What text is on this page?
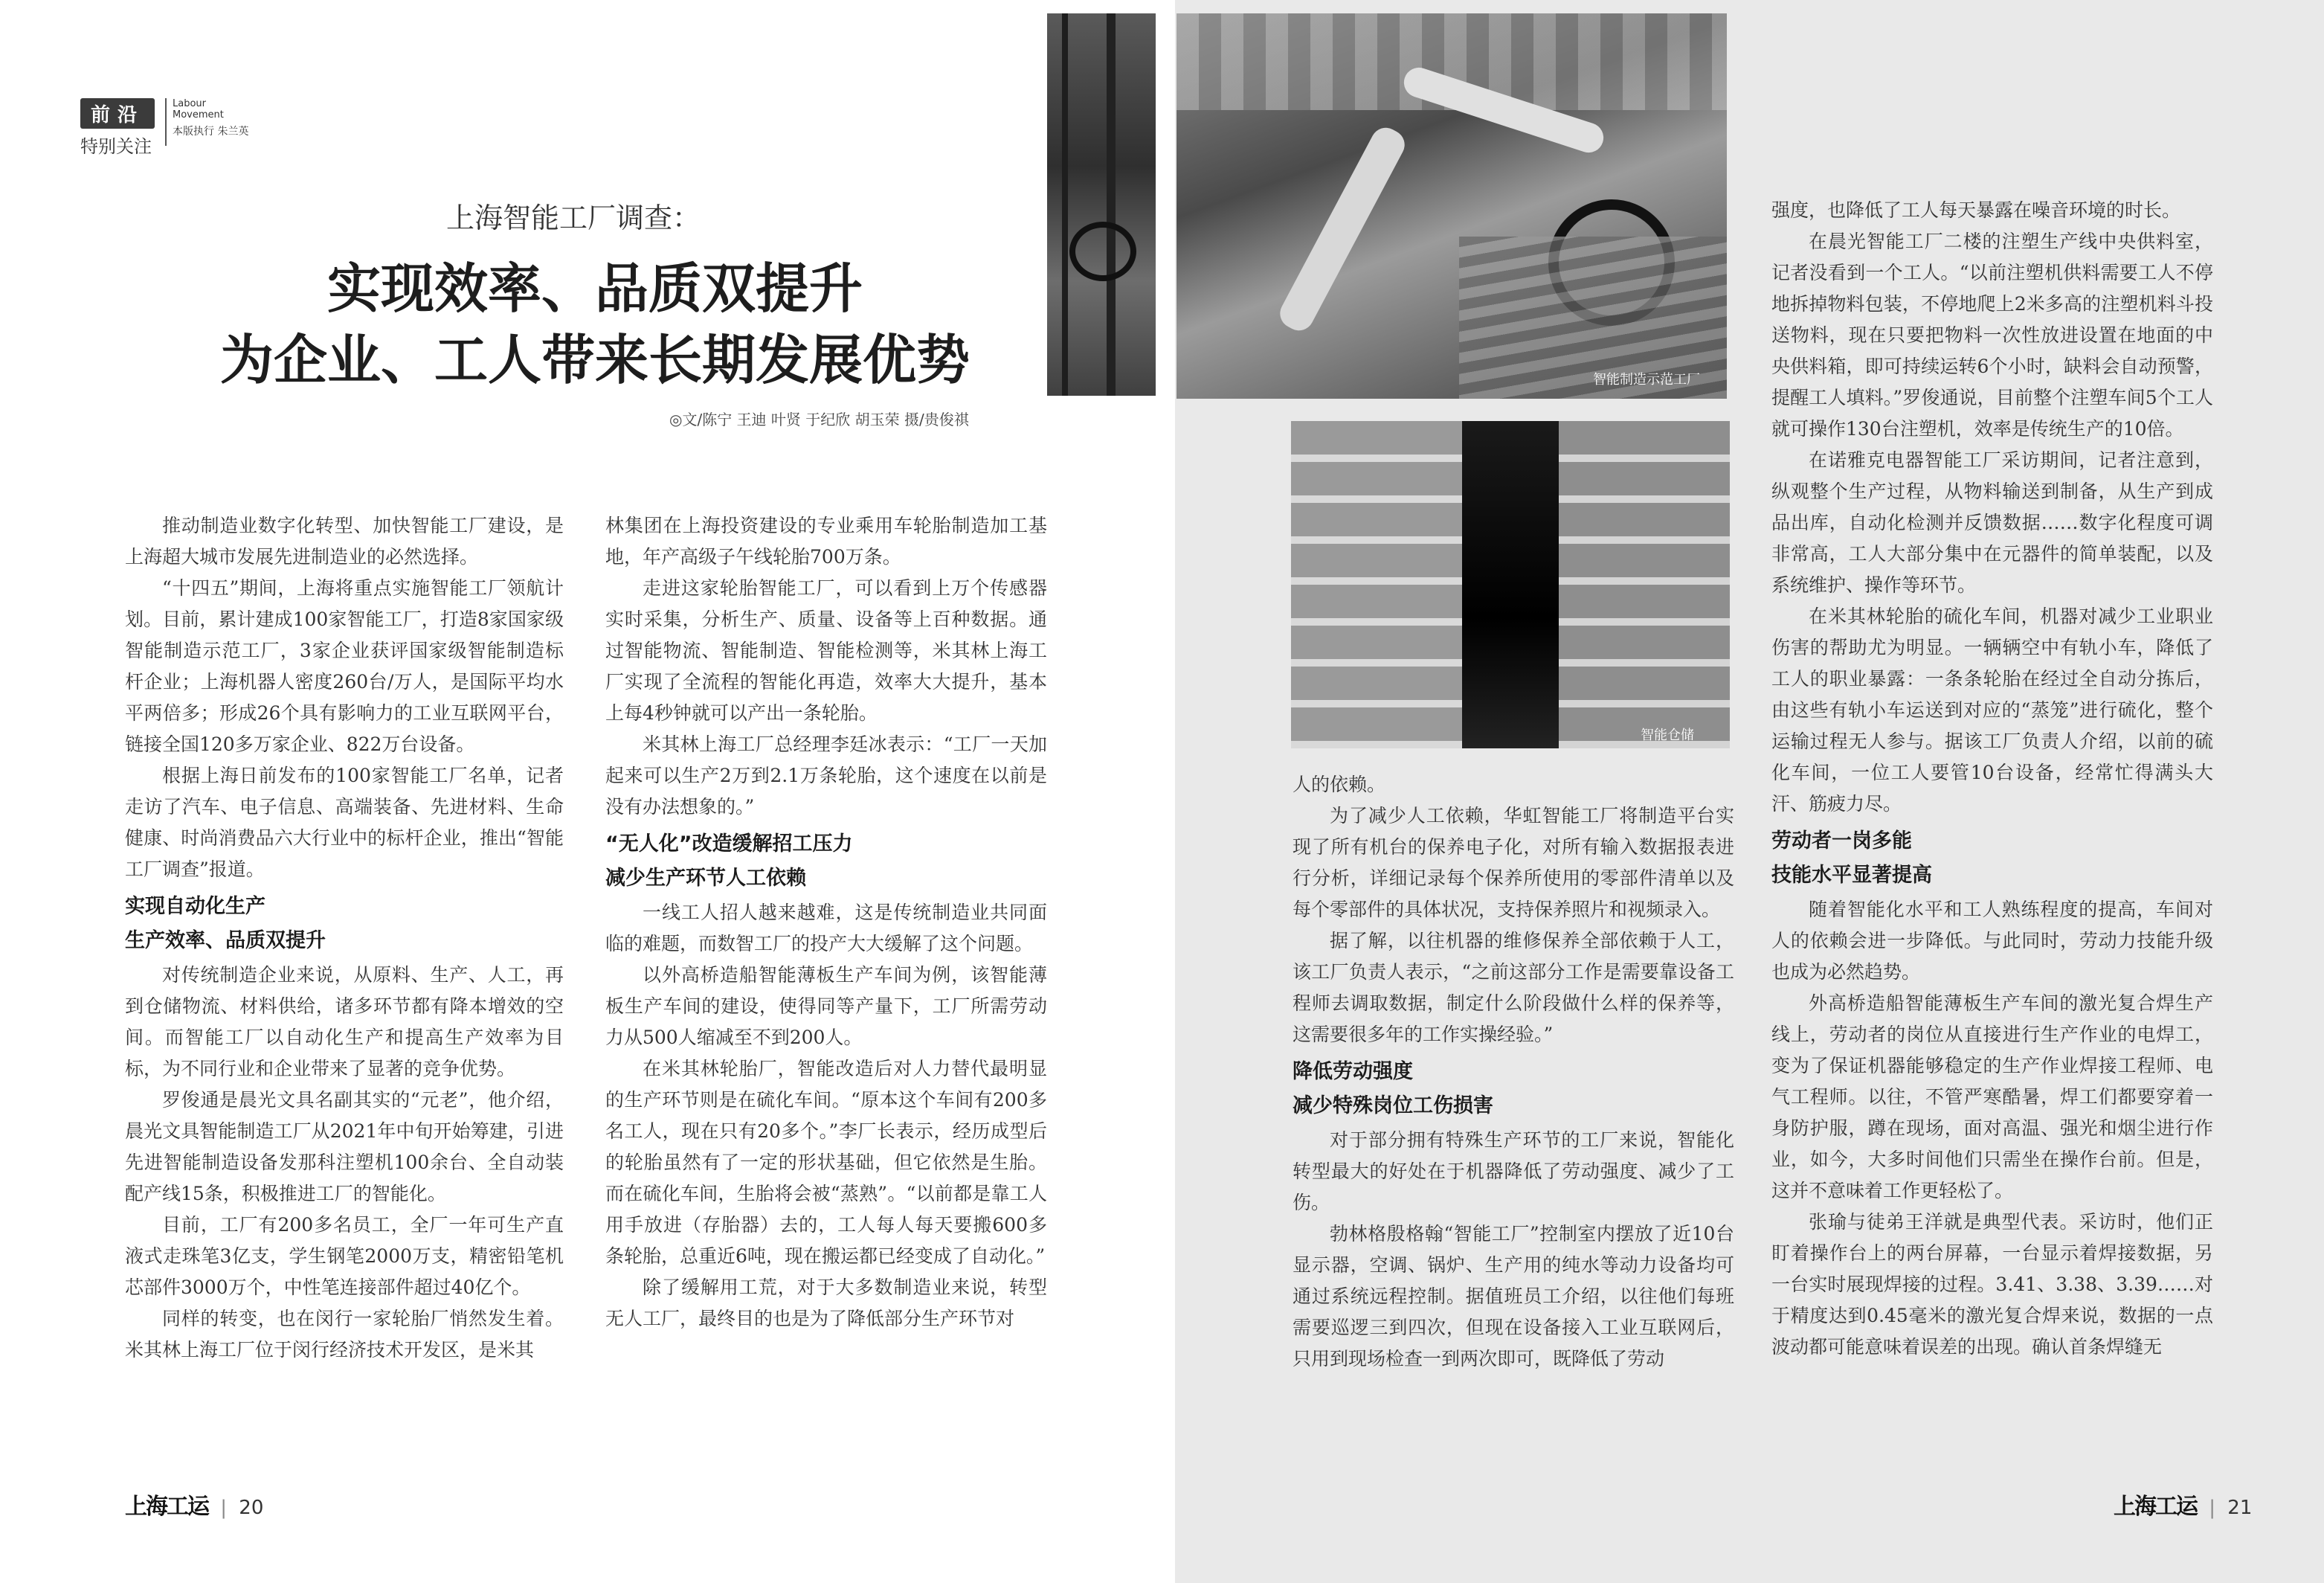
前沿
特别关注
Labour
Movement
本版执行 朱兰英
上海智能工厂调查：
实现效率、品质双提升
为企业、工人带来长期发展优势
◎文/陈宁 王迪 叶贤 于纪欣 胡玉荣 摄/贵俊祺

推动制造业数字化转型、加快智能工厂建设，是上海超大城市发展先进制造业的必然选择。

“十四五”期间，上海将重点实施智能工厂领航计划。目前，累计建成100家智能工厂，打造8家国家级智能制造示范工厂，3家企业获评国家级智能制造标杆企业；上海机器人密度260台/万人，是国际平均水平两倍多；形成26个具有影响力的工业互联网平台，链接全国120多万家企业、822万台设备。

根据上海日前发布的100家智能工厂名单，记者走访了汽车、电子信息、高端装备、先进材料、生命健康、时尚消费品六大行业中的标杆企业，推出“智能工厂调查”报道。

实现自动化生产
生产效率、品质双提升

对传统制造企业来说，从原料、生产、人工，再到仓储物流、材料供给，诸多环节都有降本增效的空间。而智能工厂以自动化生产和提高生产效率为目标，为不同行业和企业带来了显著的竞争优势。

罗俊通是晨光文具名副其实的“元老”，他介绍，晨光文具智能制造工厂从2021年中旬开始筹建，引进先进智能制造设备发那科注塑机100余台、全自动装配产线15条，积极推进工厂的智能化。

目前，工厂有200多名员工，全厂一年可生产直液式走珠笔3亿支，学生钢笔2000万支，精密铅笔机芯部件3000万个，中性笔连接部件超过40亿个。

同样的转变，也在闵行一家轮胎厂悄然发生着。米其林上海工厂位于闵行经济技术开发区，是米其

林集团在上海投资建设的专业乘用车轮胎制造加工基地，年产高级子午线轮胎700万条。

走进这家轮胎智能工厂，可以看到上万个传感器实时采集，分析生产、质量、设备等上百种数据。通过智能物流、智能制造、智能检测等，米其林上海工厂实现了全流程的智能化再造，效率大大提升，基本上每4秒钟就可以产出一条轮胎。

米其林上海工厂总经理李廷冰表示：“工厂一天加起来可以生产2万到2.1万条轮胎，这个速度在以前是没有办法想象的。”

“无人化”改造缓解招工压力
减少生产环节人工依赖

一线工人招人越来越难，这是传统制造业共同面临的难题，而数智工厂的投产大大缓解了这个问题。

以外高桥造船智能薄板生产车间为例，该智能薄板生产车间的建设，使得同等产量下，工厂所需劳动力从500人缩减至不到200人。

在米其林轮胎厂，智能改造后对人力替代最明显的生产环节则是在硫化车间。“原本这个车间有200多名工人，现在只有20多个。”李厂长表示，经历成型后的轮胎虽然有了一定的形状基础，但它依然是生胎。而在硫化车间，生胎将会被“蒸熟”。“以前都是靠工人用手放进（存胎器）去的，工人每人每天要搬600多条轮胎，总重近6吨，现在搬运都已经变成了自动化。”

除了缓解用工荒，对于大多数制造业来说，转型无人工厂，最终目的也是为了降低部分生产环节对

上海工运 | 20
智能制造示范工厂
智能仓储

人的依赖。

为了减少人工依赖，华虹智能工厂将制造平台实现了所有机台的保养电子化，对所有输入数据报表进行分析，详细记录每个保养所使用的零部件清单以及每个零部件的具体状况，支持保养照片和视频录入。

据了解，以往机器的维修保养全部依赖于人工，该工厂负责人表示，“之前这部分工作是需要靠设备工程师去调取数据，制定什么阶段做什么样的保养等，这需要很多年的工作实操经验。”

降低劳动强度
减少特殊岗位工伤损害

对于部分拥有特殊生产环节的工厂来说，智能化转型最大的好处在于机器降低了劳动强度、减少了工伤。

勃林格殷格翰“智能工厂”控制室内摆放了近10台显示器，空调、锅炉、生产用的纯水等动力设备均可通过系统远程控制。据值班员工介绍，以往他们每班需要巡逻三到四次，但现在设备接入工业互联网后，只用到现场检查一到两次即可，既降低了劳动

强度，也降低了工人每天暴露在噪音环境的时长。

在晨光智能工厂二楼的注塑生产线中央供料室，记者没看到一个工人。“以前注塑机供料需要工人不停地拆掉物料包装，不停地爬上2米多高的注塑机料斗投送物料，现在只要把物料一次性放进设置在地面的中央供料箱，即可持续运转6个小时，缺料会自动预警，提醒工人填料。”罗俊通说，目前整个注塑车间5个工人就可操作130台注塑机，效率是传统生产的10倍。

在诺雅克电器智能工厂采访期间，记者注意到，纵观整个生产过程，从物料输送到制备，从生产到成品出库，自动化检测并反馈数据……数字化程度可调非常高，工人大部分集中在元器件的简单装配，以及系统维护、操作等环节。

在米其林轮胎的硫化车间，机器对减少工业职业伤害的帮助尤为明显。一辆辆空中有轨小车，降低了工人的职业暴露：一条条轮胎在经过全自动分拣后，由这些有轨小车运送到对应的“蒸笼”进行硫化，整个运输过程无人参与。据该工厂负责人介绍，以前的硫化车间，一位工人要管10台设备，经常忙得满头大汗、筋疲力尽。

劳动者一岗多能
技能水平显著提高

随着智能化水平和工人熟练程度的提高，车间对人的依赖会进一步降低。与此同时，劳动力技能升级也成为必然趋势。

外高桥造船智能薄板生产车间的激光复合焊生产线上，劳动者的岗位从直接进行生产作业的电焊工，变为了保证机器能够稳定的生产作业焊接工程师、电气工程师。以往，不管严寒酷暑，焊工们都要穿着一身防护服，蹲在现场，面对高温、强光和烟尘进行作业，如今，大多时间他们只需坐在操作台前。但是，这并不意味着工作更轻松了。

张瑜与徒弟王洋就是典型代表。采访时，他们正盯着操作台上的两台屏幕，一台显示着焊接数据，另一台实时展现焊接的过程。3.41、3.38、3.39……对于精度达到0.45毫米的激光复合焊来说，数据的一点波动都可能意味着误差的出现。确认首条焊缝无

上海工运 | 21
